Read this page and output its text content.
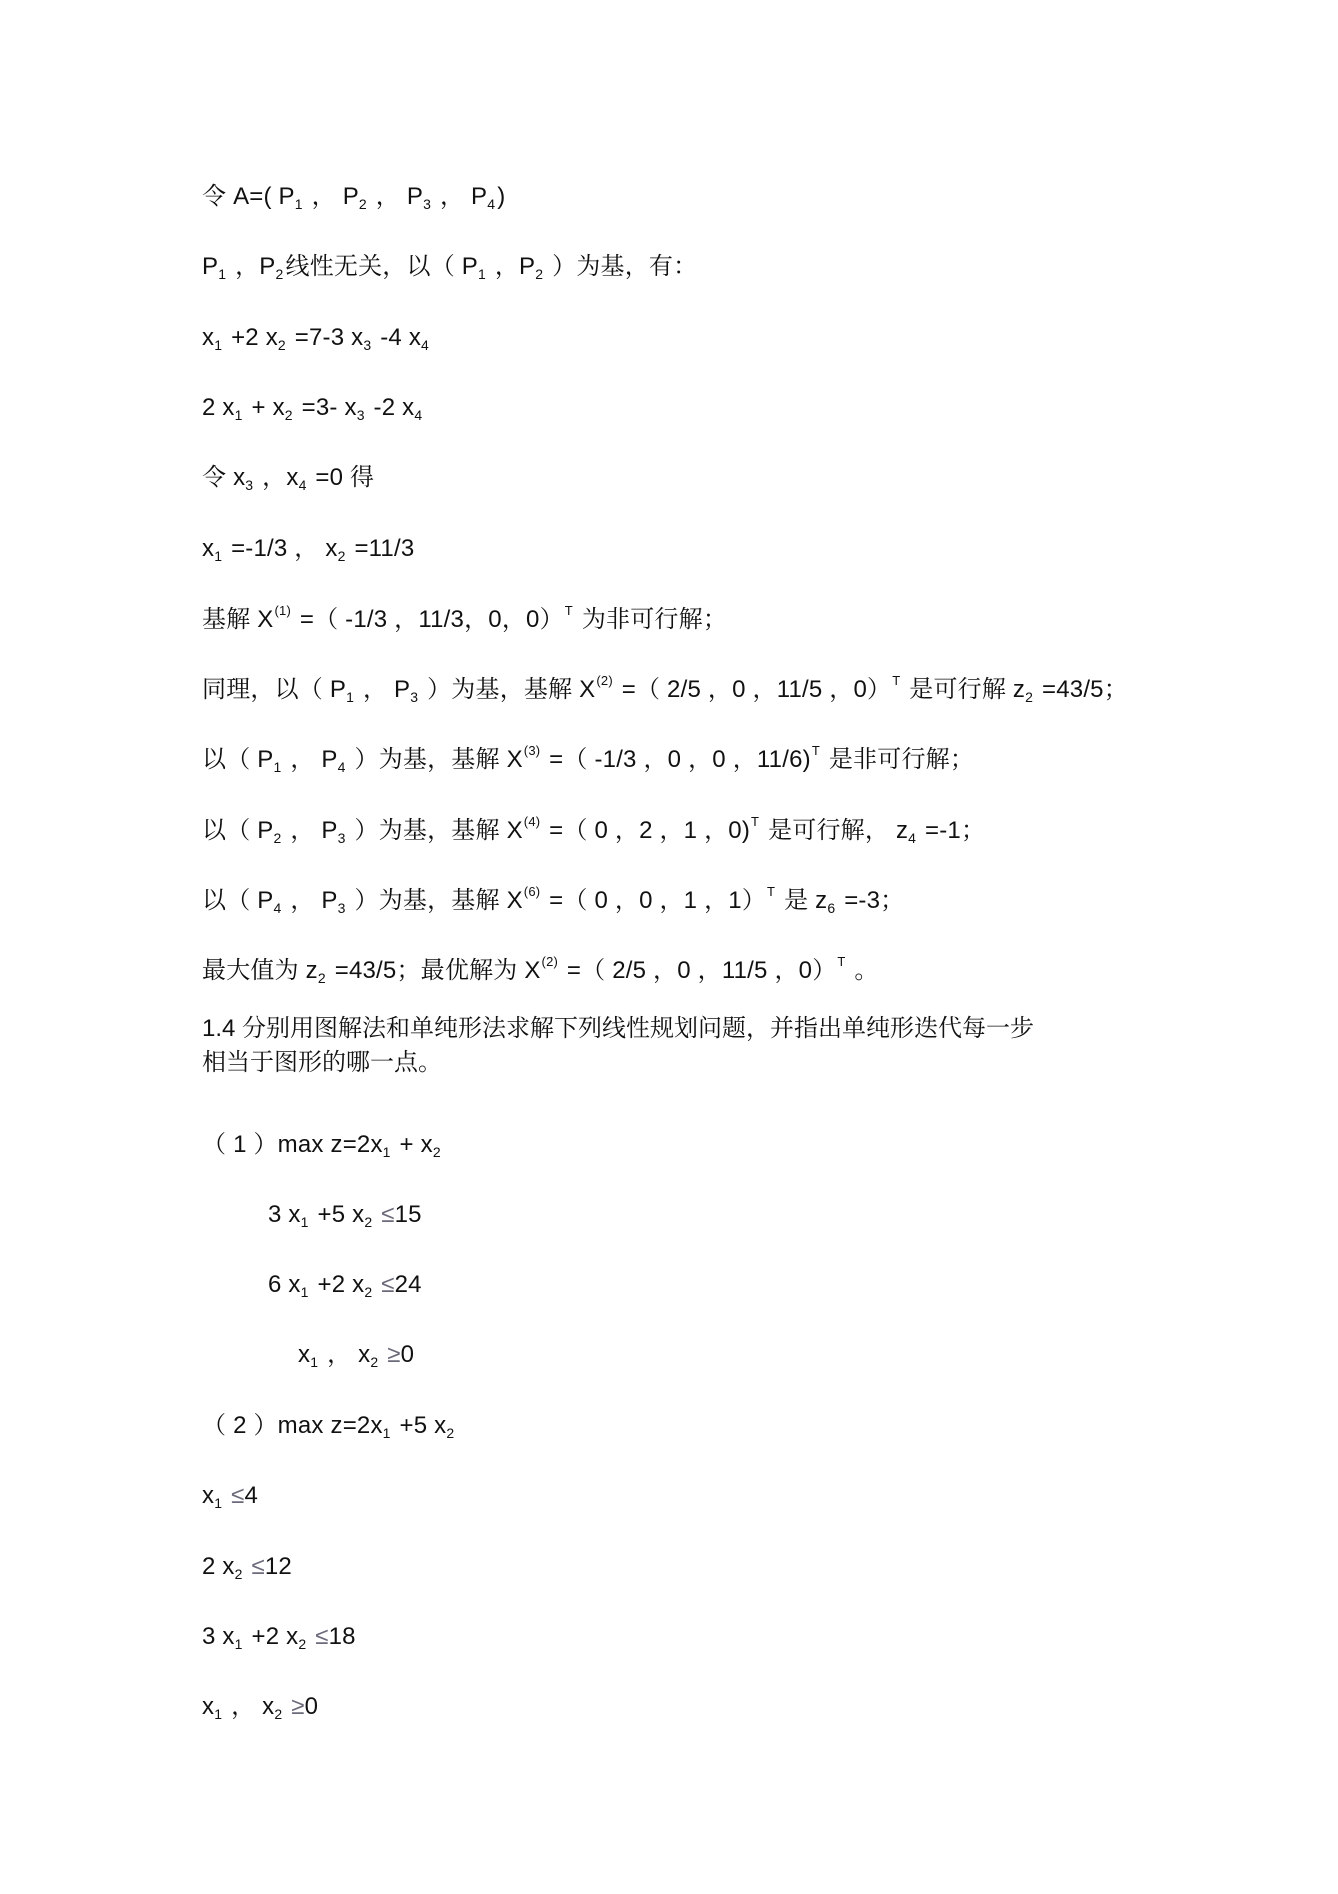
令 A=( $P_1$ ， $P_2$ ， $P_3$ ， $P_4$)
$P_1$ ，$P_2$线性无关，以（ $P_1$ ，$P_2$ ）为基，有：
$x_1 +2$ $x_2 =7-3$ $x_3$ -4 $x_4$
2 $x_1 + x_2 =3-$ $x_3$ -2 $x_4$
令 $x_3$ ，$x_4 =0$ 得
$x_1 =-1/3$ ， $x_2 =11/3$
基解 $X^{(1)}$ =（ -1/3 ，11/3，0，0）$^T$ 为非可行解；
同理，以（ $P_1$ ， $P_3$ ）为基，基解 $X^{(2)}$ =（ 2/5 ，0 ，11/5 ，0）$^T$ 是可行解 $z_2 =43/5$；
以（ $P_1$ ， $P_4$ ）为基，基解 $X^{(3)}$ =（ -1/3 ，0 ，0 ，11/6)$^T$ 是非可行解；
以（ $P_2$ ， $P_3$ ）为基，基解 $X^{(4)}$ =（ 0 ，2 ，1 ，0)$^T$ 是可行解， $z_4 =-1$；
以（ $P_4$ ， $P_3$ ）为基，基解 $X^{(6)}$ =（ 0 ，0 ，1 ，1）$^T$ 是 $z_6 =-3$；
最大值为 $z_2 =43/5$；最优解为 $X^{(2)}$ =（ 2/5 ，0 ，11/5 ，0）$^T$ 。
1.4 分别用图解法和单纯形法求解下列线性规划问题，并指出单纯形迭代每一步
相当于图形的哪一点。
（ 1 ）max $z=2x_1 + x_2$
3 $x_1 +5$ $x_2 \le 15$
6 $x_1 +2$ $x_2 \le 24$
$x_1$ ， $x_2 \ge 0$
（ 2 ）max $z=2x_1 +5$ $x_2$
$x_1 \le 4$
2 $x_2 \le 12$
3 $x_1 +2$ $x_2 \le 18$
$x_1$ ， $x_2 \ge 0$
